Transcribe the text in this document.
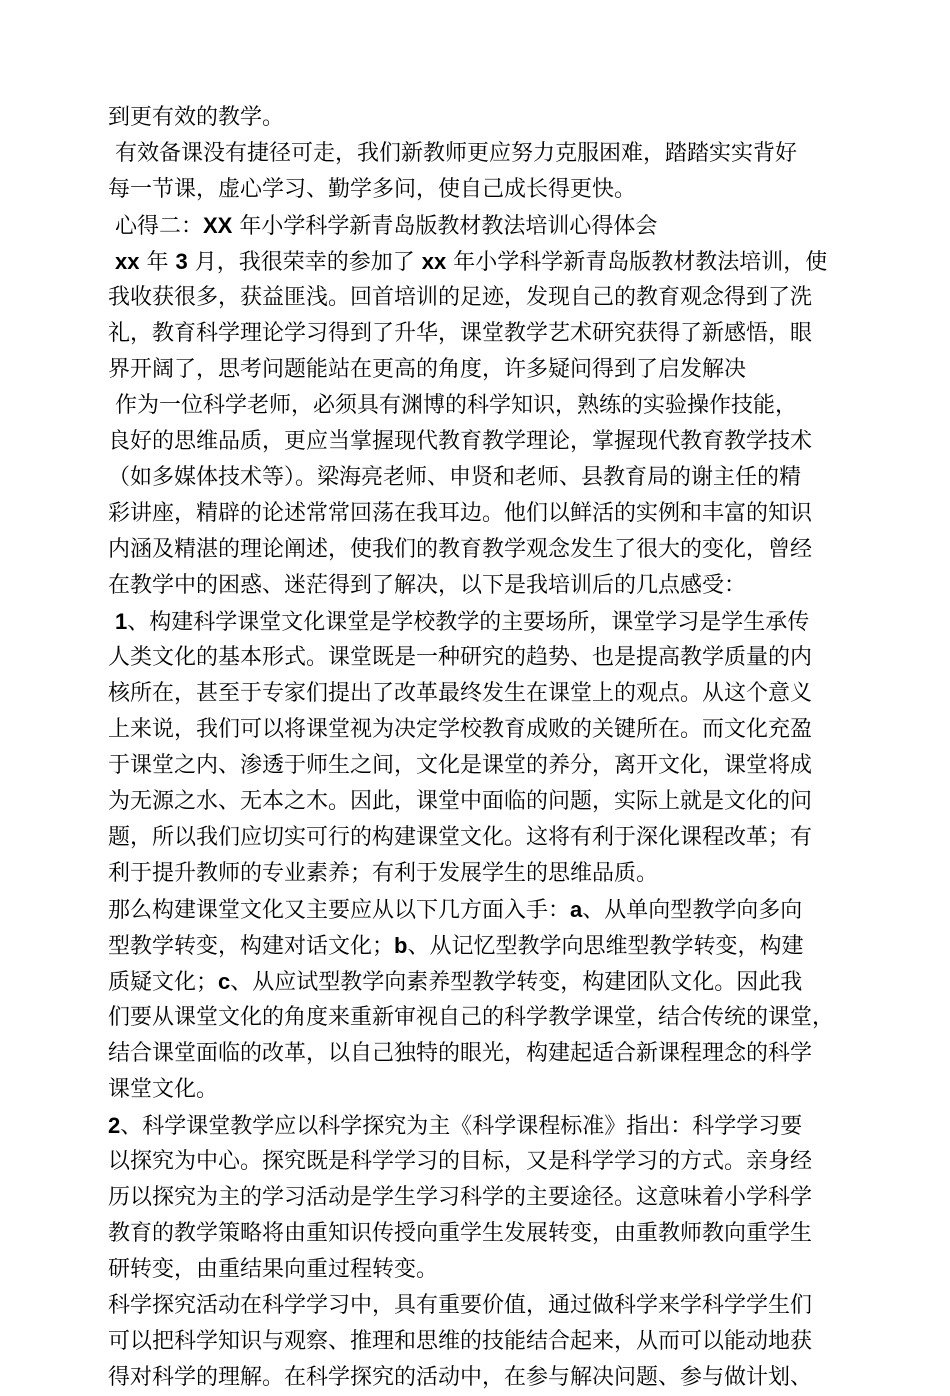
到更有效的教学。
有效备课没有捷径可走，我们新教师更应努力克服困难，踏踏实实背好
每一节课，虚心学习、勤学多问，使自己成长得更快。
心得二：XX 年小学科学新青岛版教材教法培训心得体会
xx 年 3 月，我很荣幸的参加了 xx 年小学科学新青岛版教材教法培训，使
我收获很多，获益匪浅。回首培训的足迹，发现自己的教育观念得到了洗
礼，教育科学理论学习得到了升华，课堂教学艺术研究获得了新感悟，眼
界开阔了，思考问题能站在更高的角度，许多疑问得到了启发解决
作为一位科学老师，必须具有渊博的科学知识，熟练的实验操作技能，
良好的思维品质，更应当掌握现代教育教学理论，掌握现代教育教学技术
（如多媒体技术等）。梁海亮老师、申贤和老师、县教育局的谢主任的精
彩讲座，精辟的论述常常回荡在我耳边。他们以鲜活的实例和丰富的知识
内涵及精湛的理论阐述，使我们的教育教学观念发生了很大的变化，曾经
在教学中的困惑、迷茫得到了解决，以下是我培训后的几点感受：
1、构建科学课堂文化课堂是学校教学的主要场所，课堂学习是学生承传
人类文化的基本形式。课堂既是一种研究的趋势、也是提高教学质量的内
核所在，甚至于专家们提出了改革最终发生在课堂上的观点。从这个意义
上来说，我们可以将课堂视为决定学校教育成败的关键所在。而文化充盈
于课堂之内、渗透于师生之间，文化是课堂的养分，离开文化，课堂将成
为无源之水、无本之木。因此，课堂中面临的问题，实际上就是文化的问
题，所以我们应切实可行的构建课堂文化。这将有利于深化课程改革；有
利于提升教师的专业素养；有利于发展学生的思维品质。
那么构建课堂文化又主要应从以下几方面入手：a、从单向型教学向多向
型教学转变，构建对话文化；b、从记忆型教学向思维型教学转变，构建
质疑文化；c、从应试型教学向素养型教学转变，构建团队文化。因此我
们要从课堂文化的角度来重新审视自己的科学教学课堂，结合传统的课堂，
结合课堂面临的改革，以自己独特的眼光，构建起适合新课程理念的科学
课堂文化。
2、科学课堂教学应以科学探究为主《科学课程标准》指出：科学学习要
以探究为中心。探究既是科学学习的目标，又是科学学习的方式。亲身经
历以探究为主的学习活动是学生学习科学的主要途径。这意味着小学科学
教育的教学策略将由重知识传授向重学生发展转变，由重教师教向重学生
研转变，由重结果向重过程转变。
科学探究活动在科学学习中，具有重要价值，通过做科学来学科学学生们
可以把科学知识与观察、推理和思维的技能结合起来，从而可以能动地获
得对科学的理解。在科学探究的活动中，在参与解决问题、参与做计划、
